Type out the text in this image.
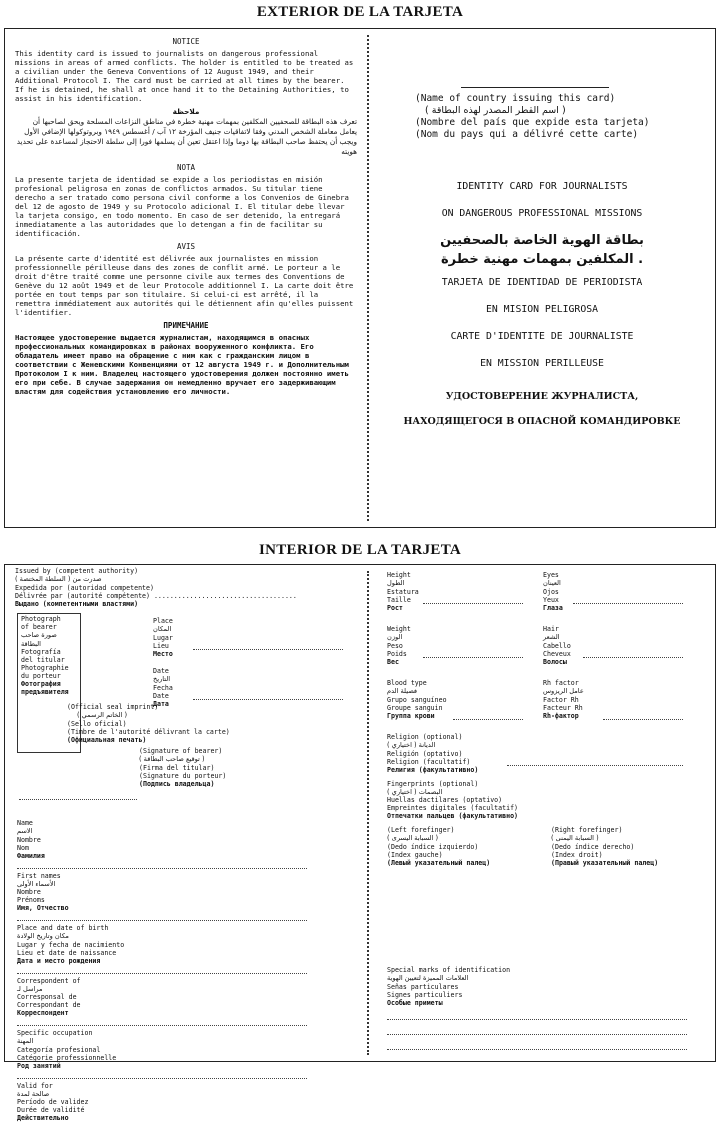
EXTERIOR DE LA TARJETA
NOTICE
This identity card is issued to journalists on dangerous professional missions in areas of armed conflicts. The holder is entitled to be treated as a civilian under the Geneva Conventions of 12 August 1949, and their Additional Protocol I. The card must be carried at all times by the bearer. If he is detained, he shall at once hand it to the Detaining Authorities, to assist in his identification.
ملاحظة
تعرف هذه البطاقة للصحفيين المكلفين بمهمات مهنية خطرة في مناطق النزاعات المسلحة ويحق لصاحبها أن يعامل معاملة الشخص المدني وفقا لاتفاقيات جنيف المؤرخة ١٢ آب / أغسطس ١٩٤٩ وبروتوكولها الإضافي الأول ويجب أن يحتفظ صاحب البطاقة بها دوما وإذا اعتقل تعين أن يسلمها فورا إلى سلطة الاحتجاز لمساعدة على تحديد هويته
NOTA
La presente tarjeta de identidad se expide a los periodistas en misión profesional peligrosa en zonas de conflictos armados. Su titular tiene derecho a ser tratado como persona civil conforme a los Convenios de Ginebra del 12 de agosto de 1949 y su Protocolo adicional I. El titular debe llevar la tarjeta consigo, en todo momento. En caso de ser detenido, la entregará inmediatamente a las autoridades que lo detengan a fin de facilitar su identificación.
AVIS
La présente carte d'identité est délivrée aux journalistes en mission professionnelle périlleuse dans des zones de conflit armé. Le porteur a le droit d'être traité comme une personne civile aux termes des Conventions de Genève du 12 août 1949 et de leur Protocole additionnel I. La carte doit être portée en tout temps par son titulaire. Si celui-ci est arrêté, il la remettra immédiatement aux autorités qui le détiennent afin qu'elles puissent l'identifier.
ПРИМЕЧАНИЕ
Настоящее удостоверение выдается журналистам, находящимся в опасных профессиональных командировках в районах вооруженного конфликта. Его обладатель имеет право на обращение с ним как с гражданским лицом в соответствии с Женевскими Конвенциями от 12 августа 1949 г. и Дополнительным Протоколом I к ним. Владелец настоящего удостоверения должен постоянно иметь его при себе. В случае задержания он немедленно вручает его задерживающим властям для содействия установлению его личности.
(Name of country issuing this card)
( اسم القطر المصدر لهذه البطاقة )
(Nombre del país que expide esta tarjeta)
(Nom du pays qui a délivré cette carte)
IDENTITY CARD FOR JOURNALISTS
ON DANGEROUS PROFESSIONAL MISSIONS
بطاقة الهوية الخاصة بالصحفيين
. المكلفين بمهمات مهنية خطرة
TARJETA DE IDENTIDAD DE PERIODISTA
EN MISION PELIGROSA
CARTE D'IDENTITE DE JOURNALISTE
EN MISSION PERILLEUSE
УДОСТОВЕРЕНИЕ ЖУРНАЛИСТА,
НАХОДЯЩЕГОСЯ В ОПАСНОЙ КОМАНДИРОВКЕ
INTERIOR DE LA TARJETA
Issued by (competent authority)
صدرت من ( السلطة المختصة )
Expedida por (autoridad competente)
Délivrée par (autorité compétente) ....................................
Выдано (компетентными властями)
Photograph
of bearer
صورة صاحب
البطاقة
Fotografía
del titular
Photographie
du porteur
Фотография
предъявителя
Place
المكان
Lugar
Lieu
Место
Date
التاريخ
Fecha
Date
Дата
(Official seal imprint)
( الخاتم الرسمي )
(Sello oficial)
(Timbre de l'autorité délivrant la carte)
(Официальная печать)
(Signature of bearer)
( توقيع صاحب البطاقة )
(Firma del titular)
(Signature du porteur)
(Подпись владельца)
Name
الاسم
Nombre
Nom
Фамилия
First names
الأسماء الأولى
Nombre
Prénoms
Имя, Отчество
Place and date of birth
مكان وتاريخ الولادة
Lugar y fecha de nacimiento
Lieu et date de naissance
Дата и место рождения
Correspondent of
مراسل لـ
Corresponsal de
Correspondant de
Корреспондент
Specific occupation
المهنة
Categoría profesional
Catégorie professionnelle
Род занятий
Valid for
صالحة لمدة
Período de validez
Durée de validité
Действительно
Height
الطول
Estatura
Taille
Рост
Eyes
العينان
Ojos
Yeux
Глаза
Weight
الوزن
Peso
Poids
Вес
Hair
الشعر
Cabello
Cheveux
Волосы
Blood type
فصيلة الدم
Grupo sanguíneo
Groupe sanguin
Группа крови
Rh factor
عامل الريزوس
Factor Rh
Facteur Rh
Rh-фактор
Religion (optional)
الديانة ( اختياري )
Religión (optativo)
Religion (facultatif)
Религия (факультативно)
Fingerprints (optional)
( اختياري ) البصمات
Huellas dactilares (optativo)
Empreintes digitales (facultatif)
Отпечатки пальцев (факультативно)
(Left forefinger)
( السبابة اليسرى )
(Dedo índice izquierdo)
(Index gauche)
(Левый указательный палец)
(Right forefinger)
( السبابة اليمنى )
(Dedo índice derecho)
(Index droit)
(Правый указательный палец)
Special marks of identification
العلامات المميزة لتعيين الهوية
Señas particulares
Signes particuliers
Особые приметы
